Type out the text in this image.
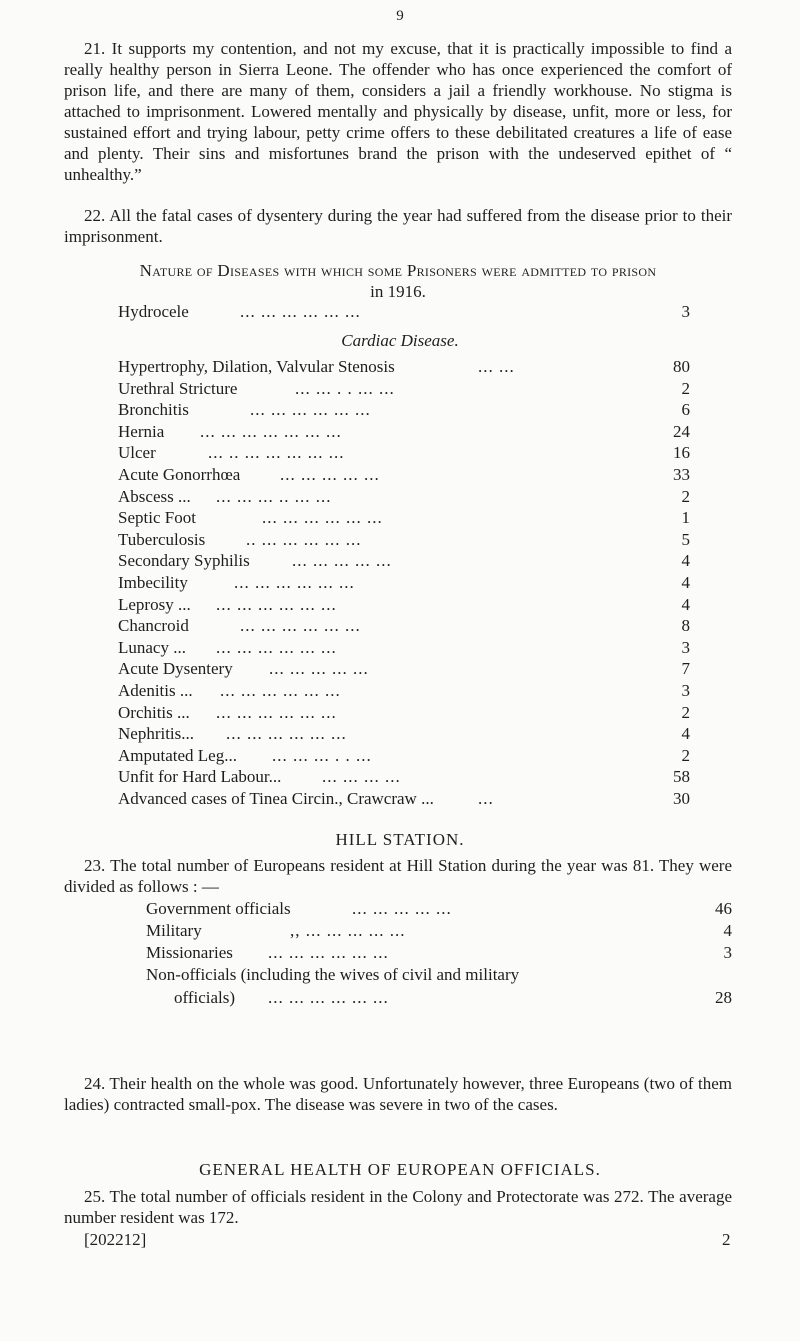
9

21. It supports my contention, and not my excuse, that it is practically impossible to find a really healthy person in Sierra Leone. The offender who has once experienced the comfort of prison life, and there are many of them, considers a jail a friendly workhouse. No stigma is attached to imprisonment. Lowered mentally and physically by disease, unfit, more or less, for sustained effort and trying labour, petty crime offers to these debilitated creatures a life of ease and plenty. Their sins and misfortunes brand the prison with the undeserved epithet of “ unhealthy.”

22. All the fatal cases of dysentery during the year had suffered from the disease prior to their imprisonment.

Nature of Diseases with which some Prisoners were admitted to prison
in 1916.
Hydrocele	... ... ... ... ... ...	3
Cardiac Disease.
Hypertrophy, Dilation, Valvular Stenosis	... ...	80
Urethral Stricture	... ... . . ... ...	2
Bronchitis	... ... ... ... ... ...	6
Hernia ... ... ... ... ... ... ...	24
Ulcer	... .. ... ... ... ... ...	16
Acute Gonorrhœa ... ... ... ... ...	33
Abscess ... ... ... ... .. ... ...	2
Septic Foot	... ... ... ... ... ...	1
Tuberculosis .. ... ... ... ... ...	5
Secondary Syphilis ... ... ... ... ...	4
Imbecility	... ... ... ... ... ...	4
Leprosy ... ... ... ... ... ... ...	4
Chancroid	... ... ... ... ... ...	8
Lunacy ... ... ... ... ... ... ...	3
Acute Dysentery ... ... ... ... ...	7
Adenitis ... ... ... ... ... ... ...	3
Orchitis ... ... ... ... ... ... ...	2
Nephritis... ... ... ... ... ... ...	4
Amputated Leg... ... ... ... . . ...	2
Unfit for Hard Labour... ... ... ... ...	58
Advanced cases of Tinea Circin., Crawcraw ...	...	30
HILL STATION.

23. The total number of Europeans resident at Hill Station during the year was 81. They were divided as follows : —

Government officials	... ... ... ... ...	46
Military	,, ... ... ... ... ...	4
Missionaries ... ... ... ... ... ...	3
Non-officials (including the wives of civil and military
officials) ... ... ... ... ... ...	28

24. Their health on the whole was good. Unfortunately however, three Europeans (two of them ladies) contracted small-pox. The disease was severe in two of the cases.

GENERAL HEALTH OF EUROPEAN OFFICIALS.

25. The total number of officials resident in the Colony and Protectorate was 272. The average number resident was 172.

[202212]	2
